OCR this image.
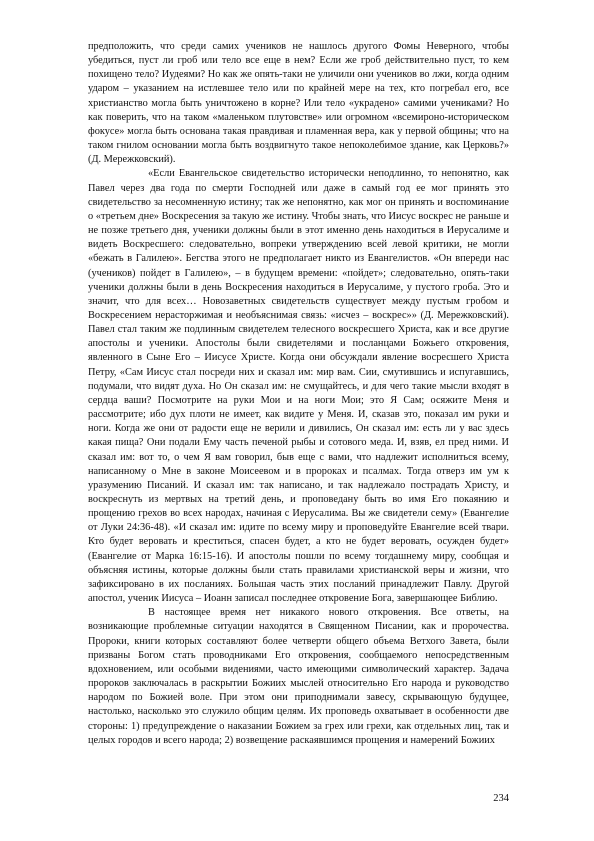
предположить, что среди самих учеников не нашлось другого Фомы Неверного, чтобы убедиться, пуст ли гроб или тело все еще в нем? Если же гроб действительно пуст, то кем похищено тело? Иудеями? Но как же опять-таки не уличили они учеников во лжи, когда одним ударом – указанием на истлевшее тело или по крайней мере на тех, кто погребал его, все христианство могла быть уничтожено в корне? Или тело «украдено» самими учениками? Но как поверить, что на таком «маленьком плутовстве» или огромном «всемироно-историческом фокусе» могла быть основана такая правдивая и пламенная вера, как у первой общины; что на таком гнилом основании могла быть воздвигнуто такое непоколебимое здание, как Церковь?» (Д. Мережковский).

«Если Евангельское свидетельство исторически неподлинно, то непонятно, как Павел через два года по смерти Господней или даже в самый год ее мог принять это свидетельство за несомненную истину; так же непонятно, как мог он принять и воспоминание о «третьем дне» Воскресения за такую же истину. Чтобы знать, что Иисус воскрес не раньше и не позже третьего дня, ученики должны были в этот именно день находиться в Иерусалиме и видеть Воскресшего: следовательно, вопреки утверждению всей левой критики, не могли «бежать в Галилею». Бегства этого не предполагает никто из Евангелистов. «Он впереди нас (учеников) пойдет в Галилею», – в будущем времени: «пойдет»; следовательно, опять-таки ученики должны были в день Воскресения находиться в Иерусалиме, у пустого гроба. Это и значит, что для всех… Новозаветных свидетельств существует между пустым гробом и Воскресением нерасторжимая и необъяснимая связь: «исчез – воскрес»» (Д. Мережковский). Павел стал таким же подлинным свидетелем телесного воскресшего Христа, как и все другие апостолы и ученики. Апостолы были свидетелями и посланцами Божьего откровения, явленного в Сыне Его – Иисусе Христе. Когда они обсуждали явление восресшего Христа Петру, «Сам Иисус стал посреди них и сказал им: мир вам. Сии, смутившись и испугавшись, подумали, что видят духа. Но Он сказал им: не смущайтесь, и для чего такие мысли входят в сердца ваши? Посмотрите на руки Мои и на ноги Мои; это Я Сам; осяжите Меня и рассмотрите; ибо дух плоти не имеет, как видите у Меня. И, сказав это, показал им руки и ноги. Когда же они от радости еще не верили и дивились, Он сказал им: есть ли у вас здесь какая пища? Они подали Ему часть печеной рыбы и сотового меда. И, взяв, ел пред ними. И сказал им: вот то, о чем Я вам говорил, быв еще с вами, что надлежит исполниться всему, написанному о Мне в законе Моисеевом и в пророках и псалмах. Тогда отверз им ум к уразумению Писаний. И сказал им: так написано, и так надлежало пострадать Христу, и воскреснуть из мертвых на третий день, и проповедану быть во имя Его покаянию и прощению грехов во всех народах, начиная с Иерусалима. Вы же свидетели сему» (Евангелие от Луки 24:36-48). «И сказал им: идите по всему миру и проповедуйте Евангелие всей твари. Кто будет веровать и креститься, спасен будет, а кто не будет веровать, осужден будет» (Евангелие от Марка 16:15-16). И апостолы пошли по всему тогдашнему миру, сообщая и объясняя истины, которые должны были стать правилами христианской веры и жизни, что зафиксировано в их посланиях. Большая часть этих посланий принадлежит Павлу. Другой апостол, ученик Иисуса – Иоанн записал последнее откровение Бога, завершающее Библию.

В настоящее время нет никакого нового откровения. Все ответы, на возникающие проблемные ситуации находятся в Священном Писании, как и пророчества. Пророки, книги которых составляют более четверти общего объема Ветхого Завета, были призваны Богом стать проводниками Его откровения, сообщаемого непосредственным вдохновением, или особыми видениями, часто имеющими символический характер. Задача пророков заключалась в раскрытии Божиих мыслей относительно Его народа и руководство народом по Божией воле. При этом они приподнимали завесу, скрывающую будущее, настолько, насколько это служило общим целям. Их проповедь охватывает в особенности две стороны: 1) предупреждение о наказании Божием за грех или грехи, как отдельных лиц, так и целых городов и всего народа; 2) возвещение раскаявшимся прощения и намерений Божиих

234
